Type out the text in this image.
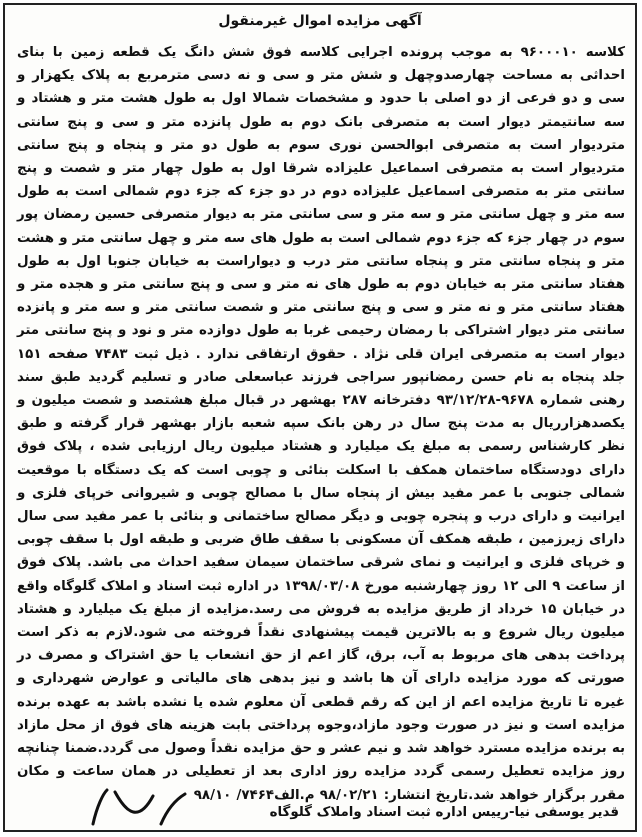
آگهی مزایده اموال غیرمنقول
کلاسه ۹۶۰۰۰۱۰ به موجب پرونده اجرایی کلاسه فوق شش دانگ یک قطعه زمین با بنای احداثی به مساحت چهارصدوچهل و شش متر و سی و نه دسی مترمربع به پلاک یکهزار و سی و دو فرعی از دو اصلی با حدود و مشخصات شمالا اول به طول هشت متر و هشتاد و سه سانتیمتر دیوار است به متصرفی بانک دوم به طول پانزده متر و سی و پنج سانتی متردیوار است به متصرفی ابوالحسن نوری سوم به طول دو متر و پنجاه و پنج سانتی متردیوار است به متصرفی اسماعیل علیزاده شرقا اول به طول چهار متر و شصت و پنج سانتی متر به متصرفی اسماعیل علیزاده دوم در دو جزء که جزء دوم شمالی است به طول سه متر و چهل سانتی متر و سه متر و سی سانتی متر به دیوار متصرفی حسین رمضان پور سوم در چهار جزء که جزء دوم شمالی است به طول های سه متر و چهل سانتی متر و هشت متر و پنجاه سانتی متر و پنجاه سانتی متر درب و دیواراست به خیابان جنوبا اول به طول هفتاد سانتی متر به خیابان دوم به طول های نه متر و سی و پنج سانتی متر و هجده متر و هفتاد سانتی متر و نه متر و سی و پنج سانتی متر و شصت سانتی متر و سه متر و پانزده سانتی متر دیوار اشتراکی با رمضان رحیمی غربا به طول دوازده متر و نود و پنج سانتی متر دیوار است به متصرفی ایران قلی نژاد . حقوق ارتفاقی ندارد . ذیل ثبت ۷۴۸۳ صفحه ۱۵۱ جلد پنجاه به نام حسن رمضانپور سراجی فرزند عباسعلی صادر و تسلیم گردید طبق سند رهنی شماره ۹۶۷۸-۹۳/۱۲/۲۸ دفترخانه ۲۸۷ بهشهر در قبال مبلغ هشتصد و شصت میلیون و یکصدهزارریال به مدت پنج سال در رهن بانک سپه شعبه بازار بهشهر قرار گرفته و طبق نظر کارشناس رسمی به مبلغ یک میلیارد و هشتاد میلیون ریال ارزیابی شده ، پلاک فوق دارای دودستگاه ساختمان همکف با اسکلت بنائی و چوبی است که یک دستگاه با موقعیت شمالی جنوبی با عمر مفید بیش از پنجاه سال با مصالح چوبی و شیروانی خرپای فلزی و ایرانیت و دارای درب و پنجره چوبی و دیگر مصالح ساختمانی و بنائی با عمر مفید سی سال دارای زیرزمین ، طبقه همکف آن مسکونی با سقف طاق ضربی و طبقه اول با سقف چوبی و خرپای فلزی و ایرانیت و نمای شرقی ساختمان سیمان سفید احداث می باشد. پلاک فوق از ساعت ۹ الی ۱۲ روز چهارشنبه مورخ ۱۳۹۸/۰۳/۰۸ در اداره ثبت اسناد و املاک گلوگاه واقع در خیابان ۱۵ خرداد از طریق مزایده به فروش می رسد.مزایده از مبلغ یک میلیارد و هشتاد میلیون ریال شروع و به بالاترین قیمت پیشنهادی نقداً فروخته می شود.لازم به ذکر است پرداخت بدهی های مربوط به آب، برق، گاز اعم از حق انشعاب یا حق اشتراک و مصرف در صورتی که مورد مزایده دارای آن ها باشد و نیز بدهی های مالیاتی و عوارض شهرداری و غیره تا تاریخ مزایده اعم از این که رقم قطعی آن معلوم شده یا نشده باشد به عهده برنده مزایده است و نیز در صورت وجود مازاد،وجوه پرداختی بابت هزینه های فوق از محل مازاد به برنده مزایده مسترد خواهد شد و نیم عشر و حق مزایده نقداً وصول می گردد.ضمنا چنانچه روز مزایده تعطیل رسمی گردد مزایده روز اداری بعد از تعطیلی در همان ساعت و مکان مقرر برگزار خواهد شد.تاریخ انتشار: ۹۸/۰۲/۲۱ م.الف۷۴۶۴/ ۹۸/۱۰
قدیر یوسفی نیا-رییس اداره ثبت اسناد واملاک گلوگاه
